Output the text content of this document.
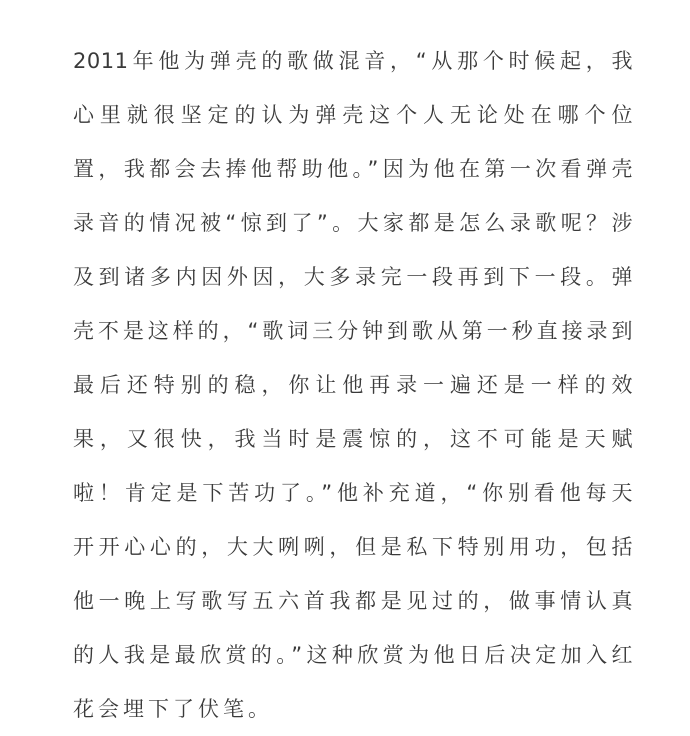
2011年他为弹壳的歌做混音，“从那个时候起，我
心里就很坚定的认为弹壳这个人无论处在哪个位
置，我都会去捧他帮助他。”因为他在第一次看弹壳
录音的情况被“惊到了”。大家都是怎么录歌呢？涉
及到诸多内因外因，大多录完一段再到下一段。弹
壳不是这样的，“歌词三分钟到歌从第一秒直接录到
最后还特别的稳，你让他再录一遍还是一样的效
果，又很快，我当时是震惊的，这不可能是天赋
啦！肯定是下苦功了。”他补充道，“你别看他每天
开开心心的，大大咧咧，但是私下特别用功，包括
他一晚上写歌写五六首我都是见过的，做事情认真
的人我是最欣赏的。”这种欣赏为他日后决定加入红
花会埋下了伏笔。
